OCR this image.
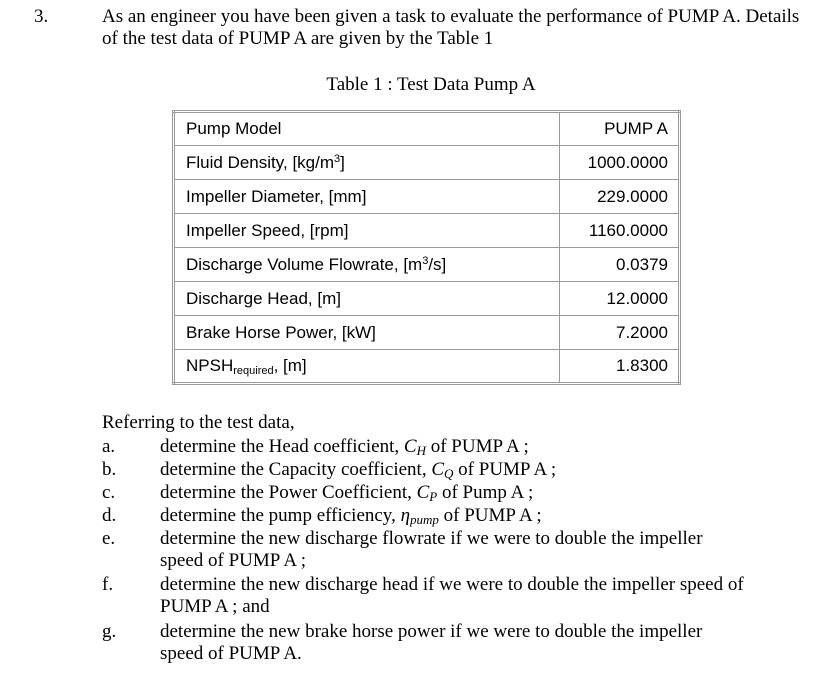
3.	As an engineer you have been given a task to evaluate the performance of PUMP A. Details of the test data of PUMP A are given by the Table 1
Table 1 : Test Data Pump A
Pump Model	PUMP A
Fluid Density, $[kg/m^3]$	1000.0000
Impeller Diameter, [mm]	229.0000
Impeller Speed, [rpm]	1160.0000
Discharge Volume Flowrate, $[m^3/s]$	0.0379
Discharge Head, [m]	12.0000
Brake Horse Power, [kW]	7.2000
$NPSH_{required}$, [m]	1.8300
Referring to the test data,
a.	determine the Head coefficient, $C_H$ of PUMP A ;
b.	determine the Capacity coefficient, $C_Q$ of PUMP A ;
c.	determine the Power Coefficient, $C_P$ of Pump A ;
d.	determine the pump efficiency, $\eta_{pump}$ of PUMP A ;
e.	determine the new discharge flowrate if we were to double the impeller speed of PUMP A ;
f.	determine the new discharge head if we were to double the impeller speed of PUMP A ; and
g.	determine the new brake horse power if we were to double the impeller speed of PUMP A.
